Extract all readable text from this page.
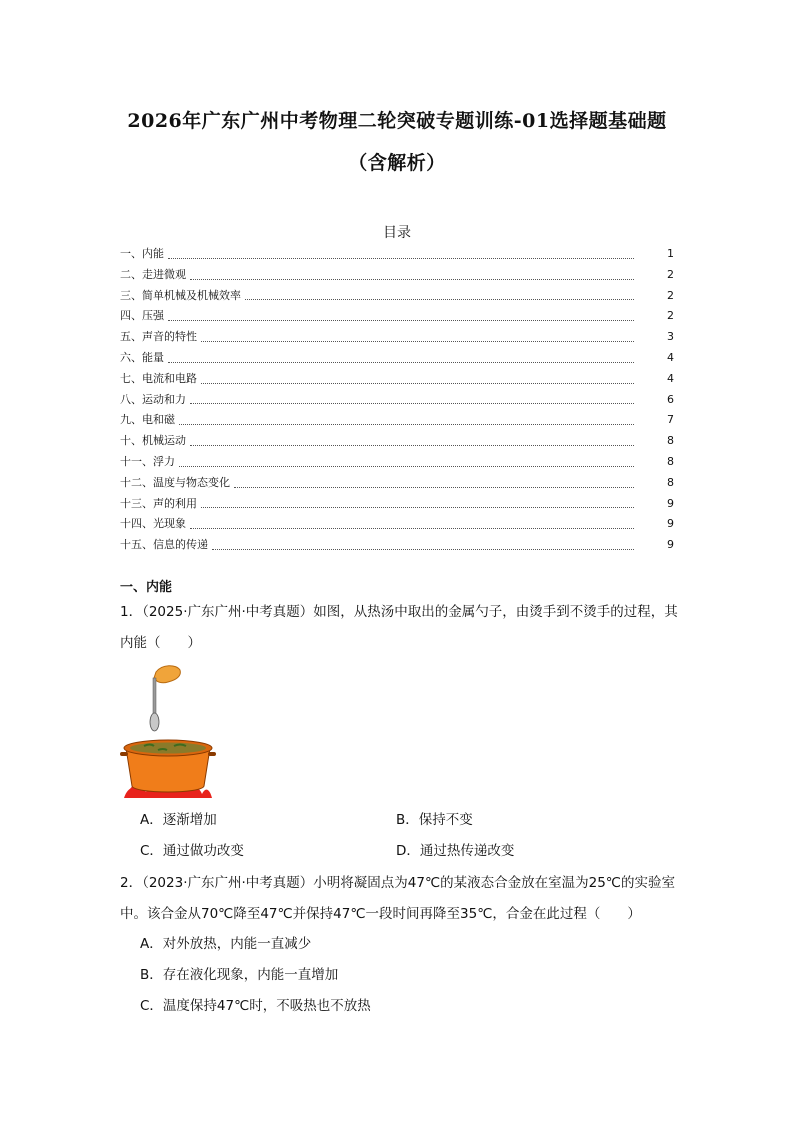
2026年广东广州中考物理二轮突破专题训练-01选择题基础题
（含解析）
目录
一、内能	1
二、走进微观	2
三、简单机械及机械效率	2
四、压强	2
五、声音的特性	3
六、能量	4
七、电流和电路	4
八、运动和力	6
九、电和磁	7
十、机械运动	8
十一、浮力	8
十二、温度与物态变化	8
十三、声的利用	9
十四、光现象	9
十五、信息的传递	9
一、内能
1．（2025·广东广州·中考真题）如图，从热汤中取出的金属勺子，由烫手到不烫手的过程，其内能（　　）
A．逐渐增加	B．保持不变
C．通过做功改变	D．通过热传递改变
2．（2023·广东广州·中考真题）小明将凝固点为47℃的某液态合金放在室温为25℃的实验室中。该合金从70℃降至47℃并保持47℃一段时间再降至35℃，合金在此过程（　　）
A．对外放热，内能一直减少
B．存在液化现象，内能一直增加
C．温度保持47℃时，不吸热也不放热
